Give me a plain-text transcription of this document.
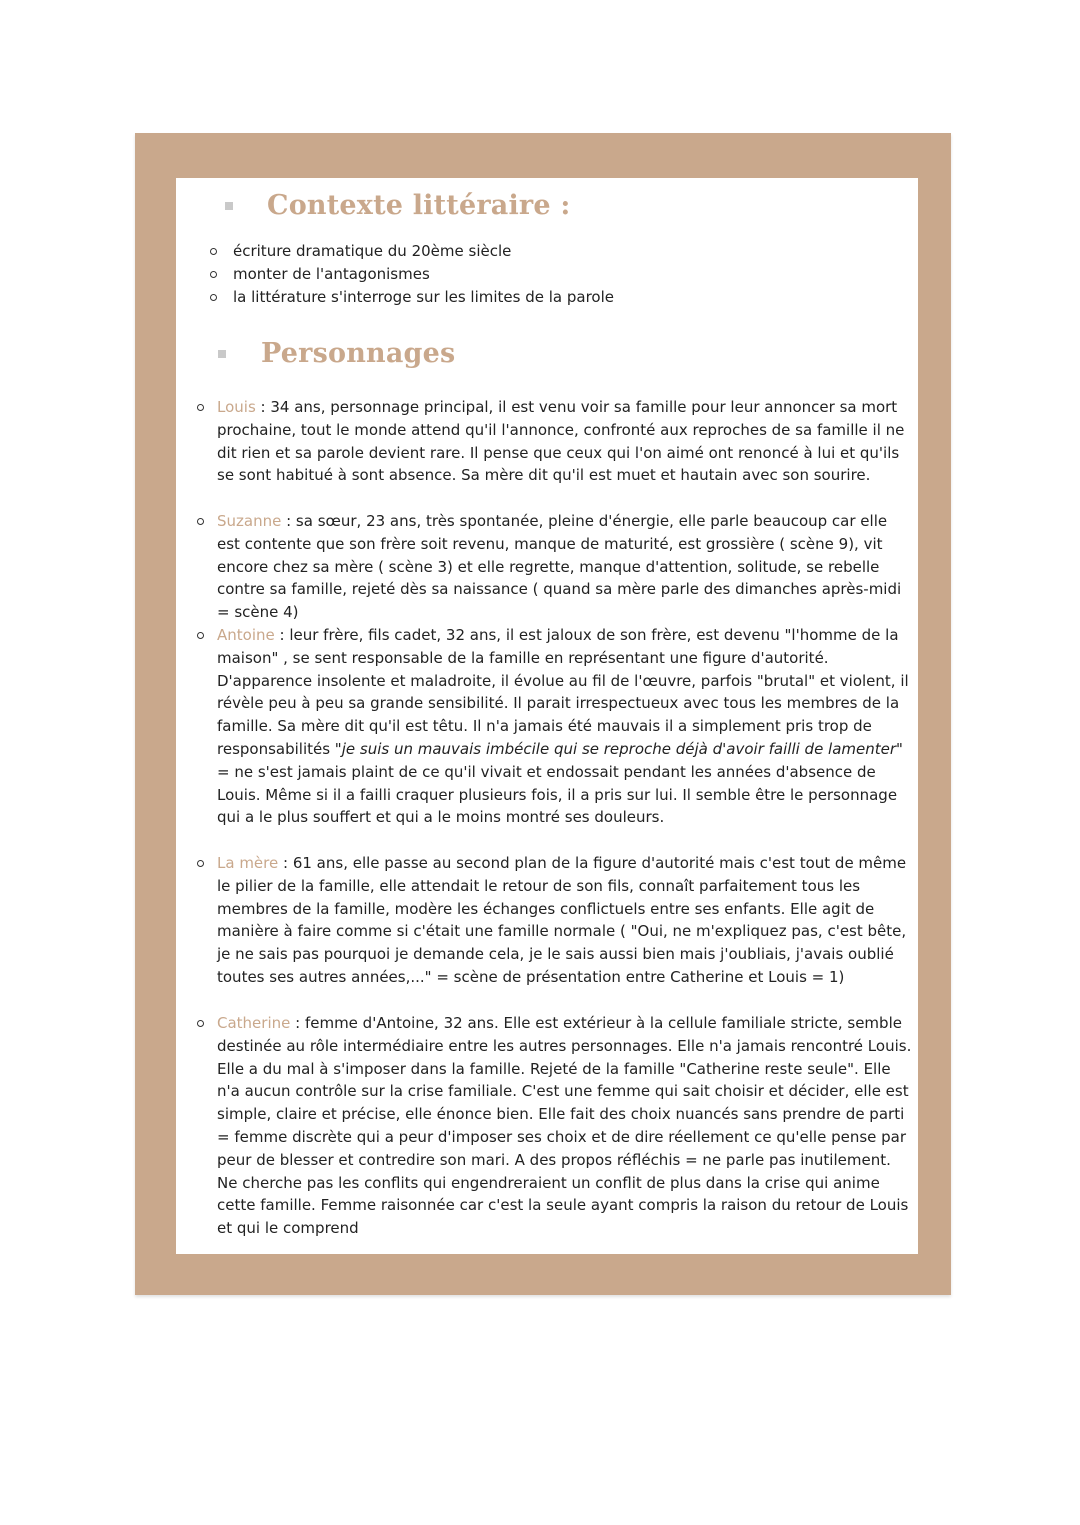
Contexte littéraire :
écriture dramatique du 20ème siècle
monter de l'antagonismes
la littérature s'interroge sur les limites de la parole
Personnages
Louis : 34 ans, personnage principal, il est venu voir sa famille pour leur annoncer sa mort prochaine, tout le monde attend qu'il l'annonce, confronté aux reproches de sa famille il ne dit rien et sa parole devient rare. Il pense que ceux qui l'on aimé ont renoncé à lui et qu'ils se sont habitué à sont absence. Sa mère dit qu'il est muet et hautain avec son sourire.
Suzanne : sa sœur, 23 ans, très spontanée, pleine d'énergie, elle parle beaucoup car elle est contente que son frère soit revenu, manque de maturité, est grossière ( scène 9), vit encore chez sa mère ( scène 3) et elle regrette, manque d'attention, solitude, se rebelle contre sa famille, rejeté dès sa naissance ( quand sa mère parle des dimanches après-midi = scène 4)
Antoine : leur frère, fils cadet, 32 ans, il est jaloux de son frère, est devenu "l'homme de la maison" , se sent responsable de la famille en représentant une figure d'autorité. D'apparence insolente et maladroite, il évolue au fil de l'œuvre, parfois "brutal" et violent, il révèle peu à peu sa grande sensibilité. Il parait irrespectueux avec tous les membres de la famille. Sa mère dit qu'il est têtu. Il n'a jamais été mauvais il a simplement pris trop de responsabilités "je suis un mauvais imbécile qui se reproche déjà d'avoir failli de lamenter" = ne s'est jamais plaint de ce qu'il vivait et endossait pendant les années d'absence de Louis. Même si il a failli craquer plusieurs fois, il a pris sur lui. Il semble être le personnage qui a le plus souffert et qui a le moins montré ses douleurs.
La mère : 61 ans, elle passe au second plan de la figure d'autorité mais c'est tout de même le pilier de la famille, elle attendait le retour de son fils, connaît parfaitement tous les membres de la famille, modère les échanges conflictuels entre ses enfants. Elle agit de manière à faire comme si c'était une famille normale ( "Oui, ne m'expliquez pas, c'est bête, je ne sais pas pourquoi je demande cela, je le sais aussi bien mais j'oubliais, j'avais oublié toutes ses autres années,..." = scène de présentation entre Catherine et Louis = 1)
Catherine : femme d'Antoine, 32 ans. Elle est extérieur à la cellule familiale stricte, semble destinée au rôle intermédiaire entre les autres personnages. Elle n'a jamais rencontré Louis. Elle a du mal à s'imposer dans la famille. Rejeté de la famille "Catherine reste seule". Elle n'a aucun contrôle sur la crise familiale. C'est une femme qui sait choisir et décider, elle est simple, claire et précise, elle énonce bien. Elle fait des choix nuancés sans prendre de parti = femme discrète qui a peur d'imposer ses choix et de dire réellement ce qu'elle pense par peur de blesser et contredire son mari. A des propos réfléchis = ne parle pas inutilement. Ne cherche pas les conflits qui engendreraient un conflit de plus dans la crise qui anime cette famille. Femme raisonnée car c'est la seule ayant compris la raison du retour de Louis et qui le comprend
